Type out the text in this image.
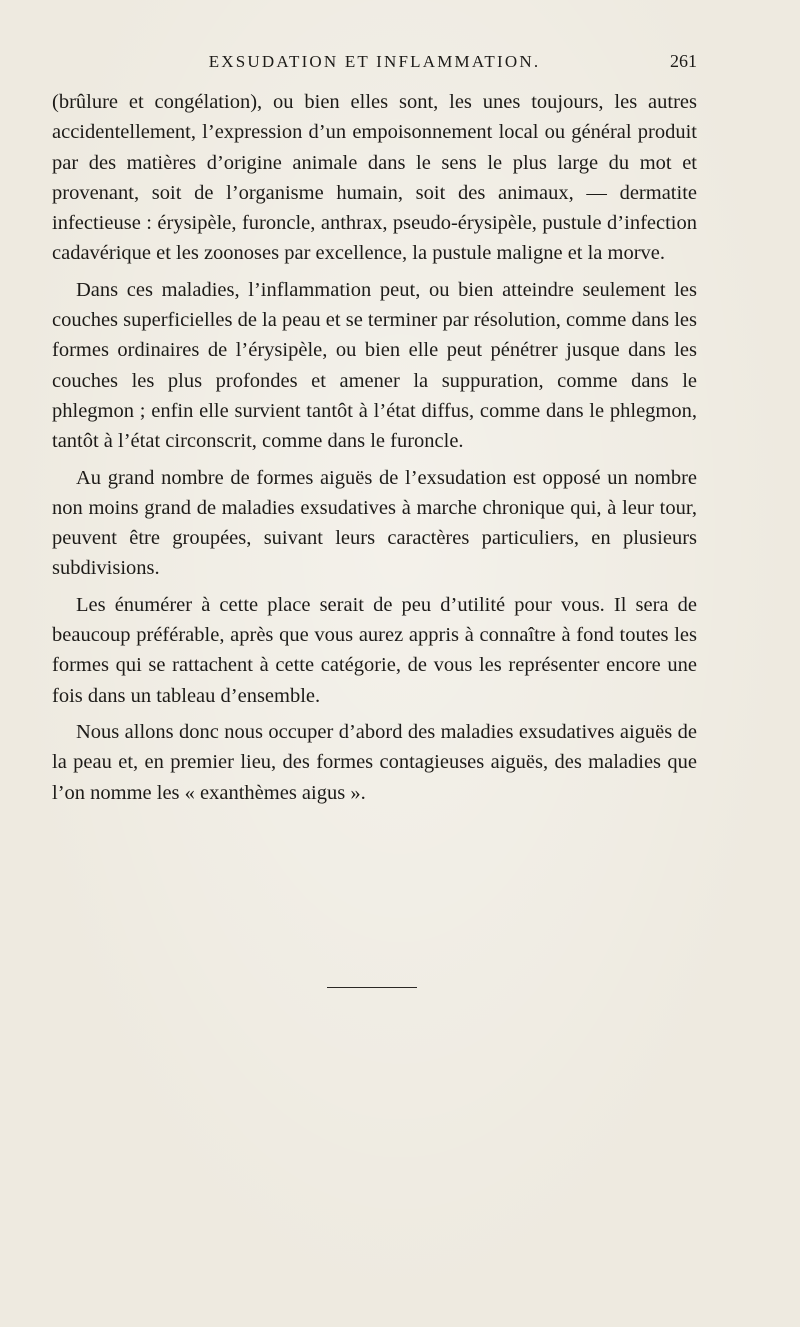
EXSUDATION ET INFLAMMATION.	261

(brûlure et congélation), ou bien elles sont, les unes toujours, les autres accidentellement, l’expression d’un empoisonnement local ou général produit par des matières d’origine animale dans le sens le plus large du mot et provenant, soit de l’organisme humain, soit des animaux, — dermatite infectieuse : érysipèle, furoncle, anthrax, pseudo-érysipèle, pustule d’infection cadavérique et les zoonoses par excellence, la pustule maligne et la morve.

Dans ces maladies, l’inflammation peut, ou bien atteindre seulement les couches superficielles de la peau et se terminer par résolution, comme dans les formes ordinaires de l’érysipèle, ou bien elle peut pénétrer jusque dans les couches les plus profondes et amener la suppuration, comme dans le phlegmon ; enfin elle survient tantôt à l’état diffus, comme dans le phlegmon, tantôt à l’état circonscrit, comme dans le furoncle.

Au grand nombre de formes aiguës de l’exsudation est opposé un nombre non moins grand de maladies exsudatives à marche chronique qui, à leur tour, peuvent être groupées, suivant leurs caractères particuliers, en plusieurs subdivisions.

Les énumérer à cette place serait de peu d’utilité pour vous. Il sera de beaucoup préférable, après que vous aurez appris à connaître à fond toutes les formes qui se rattachent à cette catégorie, de vous les représenter encore une fois dans un tableau d’ensemble.

Nous allons donc nous occuper d’abord des maladies exsudatives aiguës de la peau et, en premier lieu, des formes contagieuses aiguës, des maladies que l’on nomme les « exanthèmes aigus ».
